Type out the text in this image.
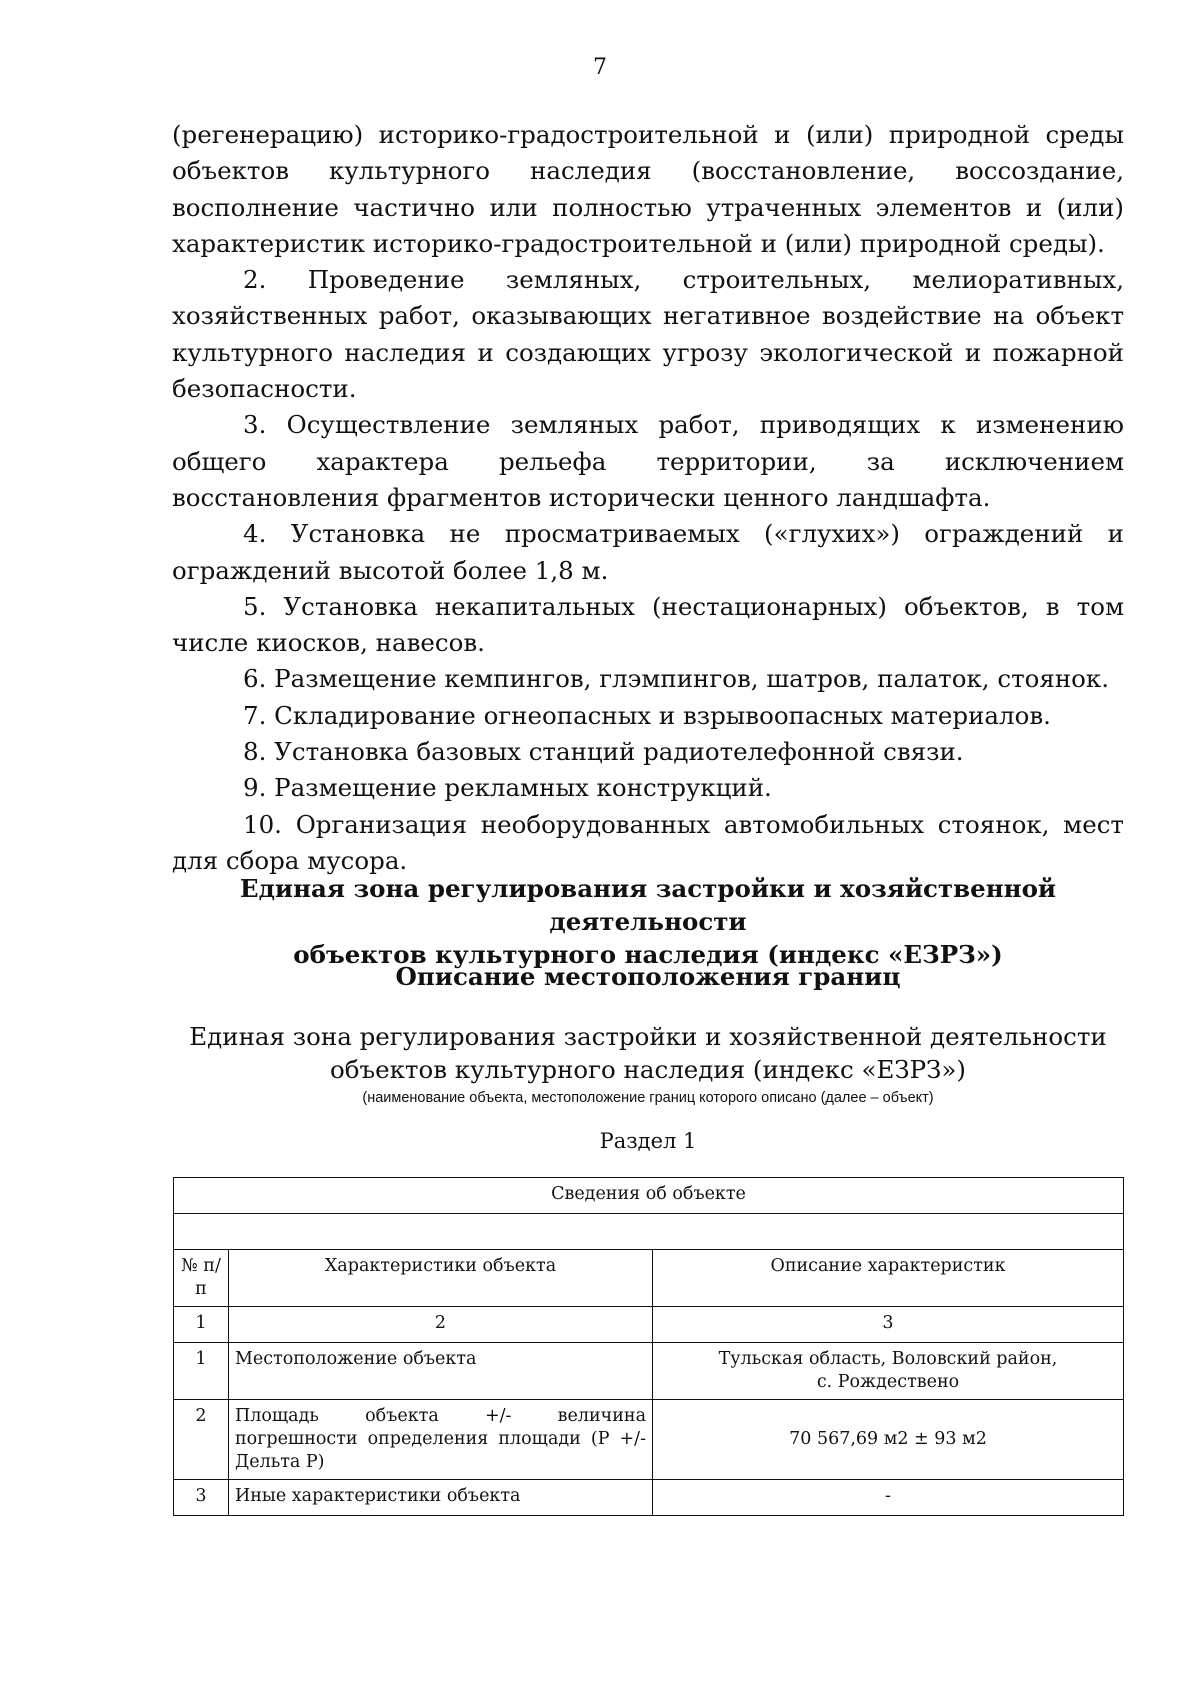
7

(регенерацию) историко-градостроительной и (или) природной среды объектов культурного наследия (восстановление, воссоздание, восполнение частично или полностью утраченных элементов и (или) характеристик историко-градостроительной и (или) природной среды).

2. Проведение земляных, строительных, мелиоративных, хозяйственных работ, оказывающих негативное воздействие на объект культурного наследия и создающих угрозу экологической и пожарной безопасности.

3. Осуществление земляных работ, приводящих к изменению общего характера рельефа территории, за исключением восстановления фрагментов исторически ценного ландшафта.

4. Установка не просматриваемых («глухих») ограждений и ограждений высотой более 1,8 м.

5. Установка некапитальных (нестационарных) объектов, в том числе киосков, навесов.

6. Размещение кемпингов, глэмпингов, шатров, палаток, стоянок.

7. Складирование огнеопасных и взрывоопасных материалов.

8. Установка базовых станций радиотелефонной связи.

9. Размещение рекламных конструкций.

10. Организация необорудованных автомобильных стоянок, мест для сбора мусора.

Единая зона регулирования застройки и хозяйственной деятельности
объектов культурного наследия (индекс «ЕЗРЗ»)
Описание местоположения границ
Единая зона регулирования застройки и хозяйственной деятельности
объектов культурного наследия (индекс «ЕЗРЗ»)
(наименование объекта, местоположение границ которого описано (далее – объект)
Раздел 1
Сведения об объекте		

№ п/п	Характеристики объекта	Описание характеристик
1	2	3
1	Местоположение объекта	Тульская область, Воловский район,
с. Рождествено

2	Площадь объекта +/- величина погрешности определения площади (Р +/- Дельта Р)	70 567,69 м2 ± 93 м2
3	Иные характеристики объекта	-
